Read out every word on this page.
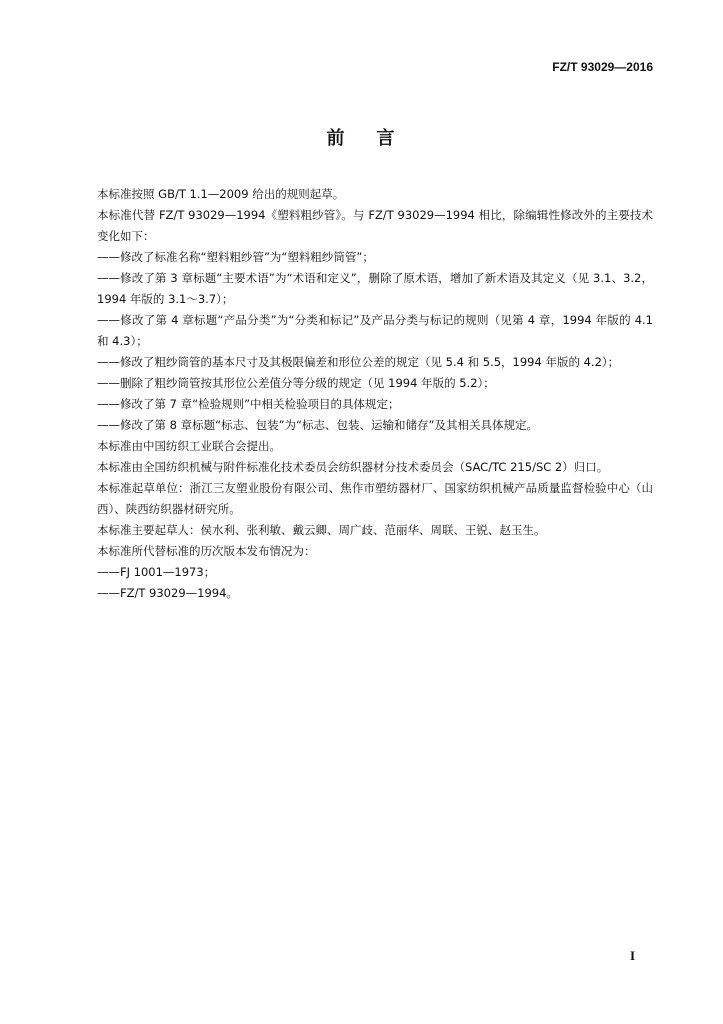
FZ/T 93029—2016
前 言

本标准按照 GB/T 1.1—2009 给出的规则起草。

本标准代替 FZ/T 93029—1994《塑料粗纱管》。与 FZ/T 93029—1994 相比，除编辑性修改外的主要技术变化如下：

——修改了标准名称“塑料粗纱管”为“塑料粗纱筒管”；

——修改了第 3 章标题“主要术语”为“术语和定义”，删除了原术语，增加了新术语及其定义（见 3.1、3.2，1994 年版的 3.1～3.7）；

——修改了第 4 章标题“产品分类”为“分类和标记”及产品分类与标记的规则（见第 4 章，1994 年版的 4.1 和 4.3）；

——修改了粗纱筒管的基本尺寸及其极限偏差和形位公差的规定（见 5.4 和 5.5，1994 年版的 4.2）；

——删除了粗纱筒管按其形位公差值分等分级的规定（见 1994 年版的 5.2）；

——修改了第 7 章“检验规则”中相关检验项目的具体规定；

——修改了第 8 章标题“标志、包装”为“标志、包装、运输和储存”及其相关具体规定。

本标准由中国纺织工业联合会提出。

本标准由全国纺织机械与附件标准化技术委员会纺织器材分技术委员会（SAC/TC 215/SC 2）归口。

本标准起草单位：浙江三友塑业股份有限公司、焦作市塑纺器材厂、国家纺织机械产品质量监督检验中心（山西）、陕西纺织器材研究所。

本标准主要起草人：侯水利、张利敏、戴云卿、周广歧、范丽华、周联、王锐、赵玉生。

本标准所代替标准的历次版本发布情况为：

——FJ 1001—1973；

——FZ/T 93029—1994。

I
